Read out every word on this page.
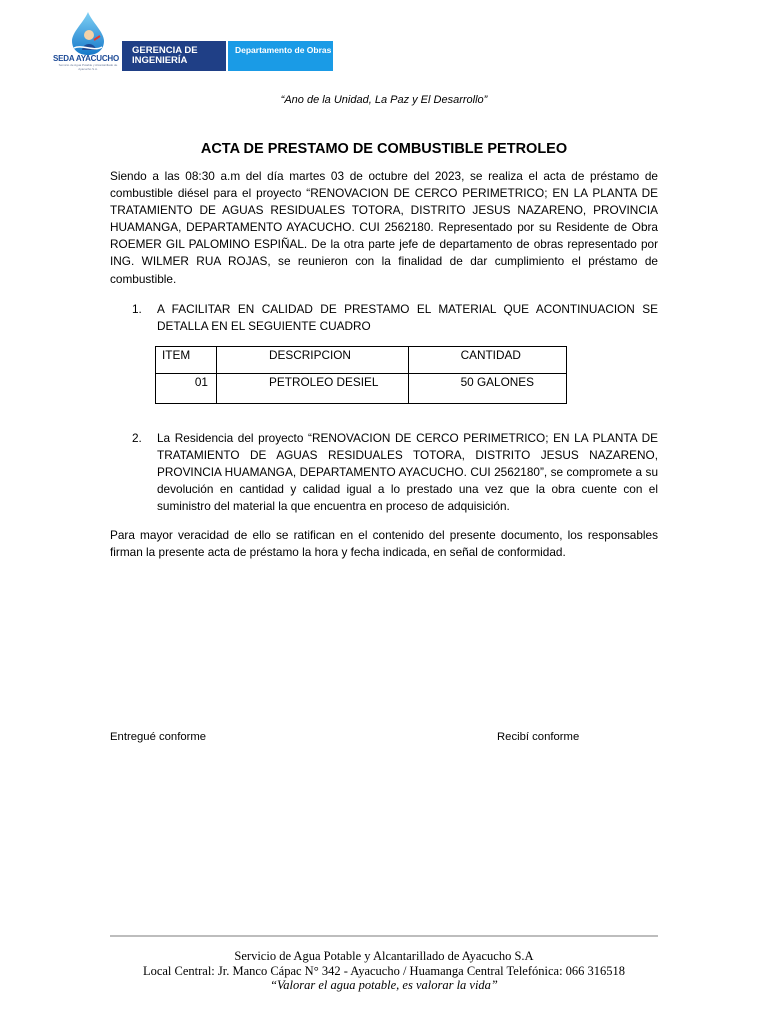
SEDA AYACUCHO
Servicio de Agua Potable y Alcantarillado de Ayacucho S.A.
GERENCIA DE INGENIERÍA
Departamento de Obras
“Ano de la Unidad, La Paz y El Desarrollo”
ACTA DE PRESTAMO DE COMBUSTIBLE PETROLEO
Siendo a las 08:30 a.m del día martes 03 de octubre del 2023, se realiza el acta de préstamo de combustible diésel para el proyecto “RENOVACION DE CERCO PERIMETRICO; EN LA PLANTA DE TRATAMIENTO DE AGUAS RESIDUALES TOTORA, DISTRITO JESUS NAZARENO, PROVINCIA HUAMANGA, DEPARTAMENTO AYACUCHO. CUI 2562180. Representado por su Residente de Obra ROEMER GIL PALOMINO ESPIÑAL. De la otra parte jefe de departamento de obras representado por ING. WILMER RUA ROJAS, se reunieron con la finalidad de dar cumplimiento el préstamo de combustible.
1. A FACILITAR EN CALIDAD DE PRESTAMO EL MATERIAL QUE ACONTINUACION SE DETALLA EN EL SEGUIENTE CUADRO
ITEM	DESCRIPCION	CANTIDAD
01	PETROLEO DESIEL	50 GALONES
2. La Residencia del proyecto “RENOVACION DE CERCO PERIMETRICO; EN LA PLANTA DE TRATAMIENTO DE AGUAS RESIDUALES TOTORA, DISTRITO JESUS NAZARENO, PROVINCIA HUAMANGA, DEPARTAMENTO AYACUCHO. CUI 2562180”, se compromete a su devolución en cantidad y calidad igual a lo prestado una vez que la obra cuente con el suministro del material la que encuentra en proceso de adquisición.
Para mayor veracidad de ello se ratifican en el contenido del presente documento, los responsables firman la presente acta de préstamo la hora y fecha indicada, en señal de conformidad.
Entregué conforme	Recibí conforme
Servicio de Agua Potable y Alcantarillado de Ayacucho S.A
Local Central: Jr. Manco Cápac N° 342 - Ayacucho / Huamanga Central Telefónica: 066 316518
“Valorar el agua potable, es valorar la vida”
